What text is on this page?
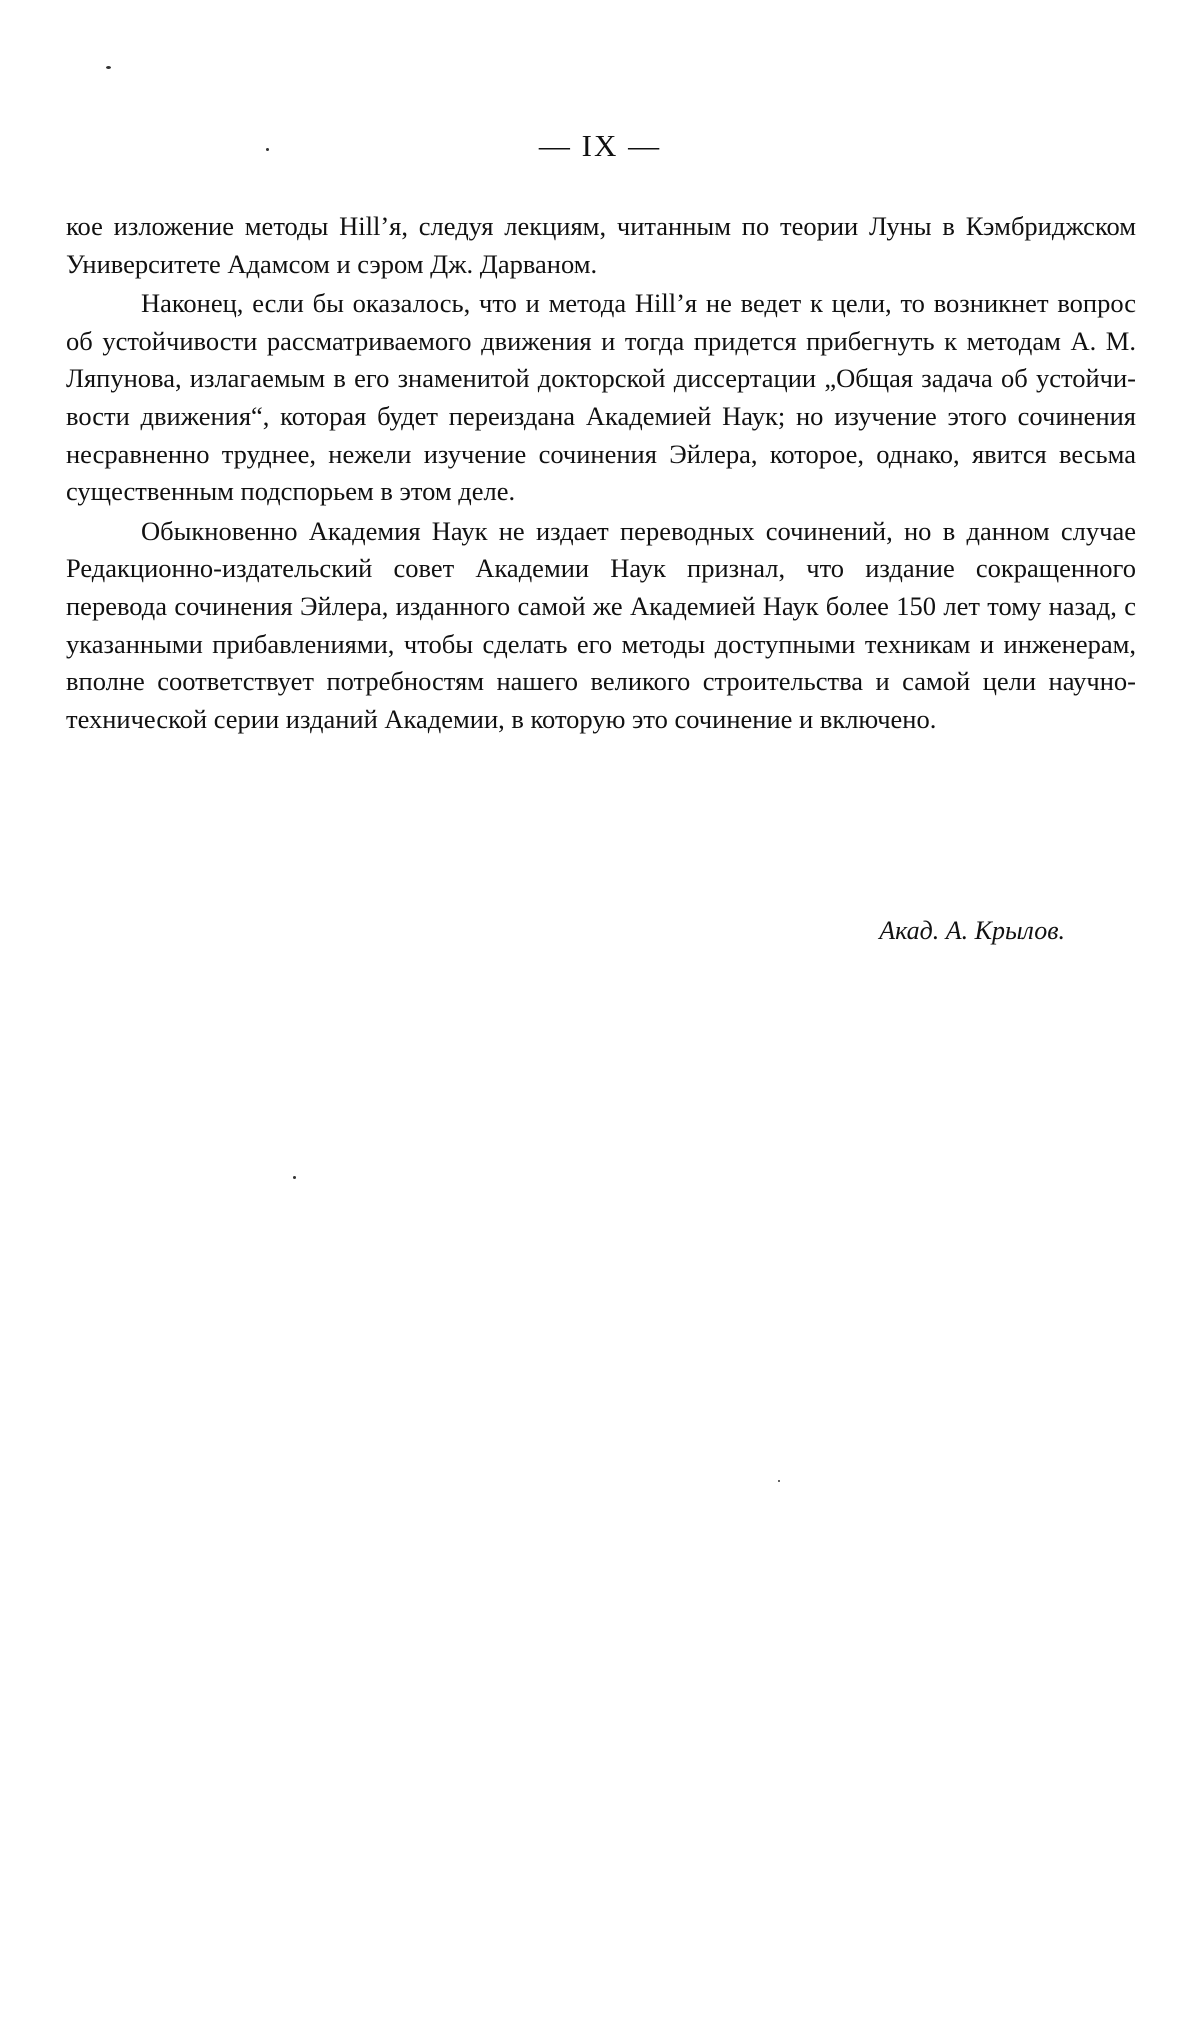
— IX —

кое изложение методы Hill’я, следуя лекциям, читанным по теории Луны в Кэмбриджском Университете Адамсом и сэром Дж. Дарваном.

Наконец, если бы оказалось, что и метода Hill’я не ведет к цели, то возникнет вопрос об устойчивости рассматриваемого движения и тогда придется прибегнуть к методам А. М. Ляпунова, излагаемым в его знаменитой докторской диссертации „Общая задача об устойчивости движения“, которая будет переиздана Академией Наук; но изучение этого сочинения несравненно труднее, нежели изучение сочинения Эйлера, которое, однако, явится весьма существенным подспорьем в этом деле.

Обыкновенно Академия Наук не издает переводных сочинений, но в данном случае Редакционно-издательский совет Академии Наук признал, что издание сокращенного перевода сочинения Эйлера, изданного самой же Академией Наук более 150 лет тому назад, с указанными прибавлениями, чтобы сделать его методы доступными техникам и инженерам, вполне соответствует потребностям нашего великого строительства и самой цели научно-технической серии изданий Академии, в которую это сочинение и включено.

Акад. А. Крылов.
